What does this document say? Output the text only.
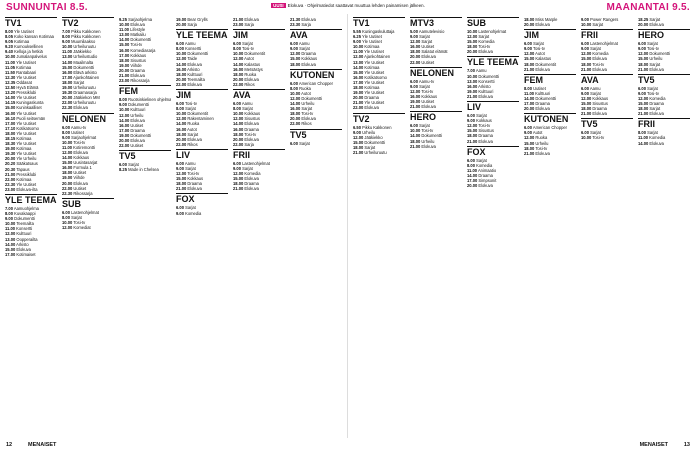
SUNNUNTAI 8.5.	UUSI Elokuva · Ohjelmatiedot saattavat muuttua lehden painamisen jälkeen.	MAANANTAI 9.5.
TV1
8.00 Yle Uutiset
8.05 Koko kansan Kotimaa
9.05 Kotimaa
9.20 Kumouksellinen
9.40 Kelloja ja hetkiä
10.00 Jumalanpalvelus
11.00 Yle Uutiset
11.05 Kotimaa
11.50 Rantabaari
12.30 Yle Uutiset
12.35 Oddasat
12.50 Hyvä Elämä
13.20 Pressiklubi
14.00 Yle Uutiset
14.15 Kuningaskunta
15.00 Kuninkaalliset
16.00 Yle Uutiset
16.10 Puoli seitsemän
17.00 Yle Uutiset
17.10 Kotikatsomo
18.00 Yle Uutiset
18.15 Kotimaa
18.30 Yle Uutiset
19.00 Kotimaa
19.30 Yle Uutiset
20.00 Yle Urheilu
20.20 Sääkatsaus
20.30 Tapaus
21.00 Pressiklubi
22.00 Kotimaa
22.30 Yle Uutiset
23.00 Elokuva-ilta
YLE TEEMA
7.00 Aamuohjelma
8.00 Kuvakaappi
9.00 Dokumentti
10.00 Teemailta
11.00 Konsertti
12.00 Kulttuuri
13.00 Oopperailta
14.00 Arkisto
15.00 Elokuva
17.00 Kotimaiset
TV2
7.00 Pikku Kakkonen
8.00 Pikku Kakkonen
9.00 Muumilaakso
10.00 Urheiluruutu
11.00 Jääkiekko
13.00 Urheilustudio
14.00 Maailmalta
15.00 Dokumentti
16.00 Elävä arkisto
17.00 Ajankohtainen
18.00 Sarjat
19.00 Urheiluruutu
19.30 Draamasarja
20.00 Jääkiekon MM
22.00 Urheiluruutu
22.30 Elokuva
NELONEN
6.00 Aamu-tv
8.00 Uutiset
9.00 Sarjaohjelmat
10.00 Tosi-tv
11.00 Kotiremontti
12.00 Elokuva
14.00 Kokkaus
15.00 Uusintasarjat
16.00 Formula 1
18.00 Uutiset
19.00 Viihde
20.00 Elokuva
22.00 Uutiset
22.30 Rikossarja
SUB
6.00 Lastenohjelmat
8.00 Sarjat
10.00 Tosi-tv
12.00 Komediat
9.25 Sarjaohjelma
10.00 Elokuva
11.00 Lifestyle
13.00 Matkailu
14.00 Dokumentti
15.00 Tosi-tv
16.00 Komediasarja
17.00 Kokkaus
18.00 Sisustus
19.00 Viihde
20.00 Draama
21.00 Elokuva
23.00 Rikossarja
FEM
8.00 Ruotsinkielinen ohjelma
9.00 Dokumentti
10.00 Kulttuuri
12.00 Urheilu
14.00 Elokuva
16.00 Uutiset
17.00 Draama
19.00 Dokumentti
20.00 Elokuva
22.00 Uutiset
TV5
6.00 Sarjat
8.25 Made in Chelsea
19.00 Bear Grylls
20.00 Sarja
YLE TEEMA
6.00 Aamu
8.00 Konsertti
10.00 Dokumentti
12.00 Taide
14.00 Elokuva
16.00 Arkisto
18.00 Kulttuuri
20.00 Teemailta
22.00 Elokuva
JIM
6.00 Tosi-tv
8.00 Sarjat
10.00 Dokumentit
12.00 Rakentaminen
14.00 Ruoka
16.00 Autot
18.00 Sarjat
20.00 Elokuva
22.00 Rikos
LIV
6.00 Aamu
9.00 Sarjat
12.00 Tosi-tv
15.00 Kokkaus
18.00 Draama
21.00 Elokuva
FOX
6.00 Sarjat
9.00 Komedia
21.00 Elokuva
23.00 Sarja
JIM
6.00 Sarjat
8.00 Tosi-tv
10.00 Dokumentit
12.00 Autot
14.00 Kalastus
16.00 Metsästys
18.00 Ruoka
20.00 Elokuva
22.00 Rikos
AVA
6.00 Aamu
8.00 Sarjat
10.00 Kokkaus
12.00 Sisustus
14.00 Elokuva
16.00 Draama
18.00 Tosi-tv
20.00 Elokuva
22.00 Sarja
FRII
6.00 Lastenohjelmat
9.00 Sarjat
12.00 Komedia
15.00 Elokuva
18.00 Draama
21.00 Elokuva
21.30 Elokuva
23.30 Sarja
AVA
6.00 Aamu
9.00 Sarjat
12.00 Draama
15.00 Kokkaus
18.00 Elokuva
KUTONEN
6.00 American Chopper
8.00 Ruoka
10.00 Autot
12.00 Dokumentti
14.00 Urheilu
16.00 Sarjat
18.00 Tosi-tv
20.00 Elokuva
22.00 Rikos
TV5
6.00 Sarjat
TV1
5.55 Kuningaskuluttaja
6.25 Yle Uutiset
9.00 Yle Uutiset
10.00 Kotimaa
11.00 Yle Uutiset
12.00 Ajankohtainen
13.00 Yle Uutiset
14.00 Kotimaa
15.00 Yle Uutiset
16.00 Kotikatsomo
17.00 Yle Uutiset
18.00 Kotimaa
19.00 Yle Uutiset
20.00 Draama
21.00 Yle Uutiset
22.00 Elokuva
TV2
6.50 Pikku Kakkonen
9.00 Urheilu
12.00 Jääkiekko
15.00 Dokumentti
18.00 Sarjat
21.00 Urheiluruutu
MTV3
5.00 Aamutelevisio
9.00 Sarjat
12.00 Sarjat
16.00 Uutiset
18.00 Salatut elämät
20.00 Elokuva
22.00 Uutiset
NELONEN
6.00 Aamu-tv
9.00 Sarjat
12.00 Tosi-tv
16.00 Kokkaus
19.00 Uutiset
21.00 Elokuva
HERO
6.00 Sarjat
10.00 Tosi-tv
14.00 Dokumentti
18.00 Urheilu
21.00 Elokuva
SUB
10.00 Lastenohjelmat
12.00 Sarjat
15.00 Komedia
18.00 Tosi-tv
20.00 Elokuva
YLE TEEMA
7.00 Aamu
10.00 Dokumentti
13.00 Konsertti
16.00 Arkisto
19.00 Kulttuuri
21.00 Elokuva
LIV
6.00 Sarjat
9.00 Kokkaus
12.00 Tosi-tv
15.00 Sisustus
18.00 Draama
21.00 Elokuva
FOX
6.00 Sarjat
8.00 Komedia
11.00 Animaatio
14.00 Draama
17.00 Simpsonit
20.00 Elokuva
18.00 Miss Marple
20.00 Elokuva
JIM
6.00 Sarjat
9.00 Tosi-tv
12.00 Autot
15.00 Kalastus
18.00 Dokumentit
21.00 Elokuva
FEM
8.00 Uutiset
11.00 Kulttuuri
14.00 Dokumentti
17.00 Draama
20.00 Elokuva
KUTONEN
6.00 American Chopper
9.00 Autot
12.00 Ruoka
15.00 Urheilu
18.00 Tosi-tv
21.00 Elokuva
9.00 Power Rangers
10.00 Sarjat
FRII
6.00 Lastenohjelmat
9.00 Sarjat
12.00 Komedia
15.00 Elokuva
18.00 Tosi-tv
21.00 Elokuva
AVA
6.00 Aamu
9.00 Sarjat
12.00 Kokkaus
15.00 Sisustus
18.00 Draama
21.00 Elokuva
TV5
6.00 Sarjat
10.00 Tosi-tv
18.25 Sarjat
20.00 Elokuva
HERO
6.00 Sarjat
9.00 Tosi-tv
12.00 Dokumentti
15.00 Urheilu
18.00 Sarjat
21.00 Elokuva
TV5
6.00 Sarjat
9.00 Tosi-tv
12.00 Komedia
15.00 Draama
18.00 Sarjat
21.00 Elokuva
FRII
8.00 Sarjat
11.00 Komedia
14.00 Elokuva
12	MENAISET	MENAISET	13
